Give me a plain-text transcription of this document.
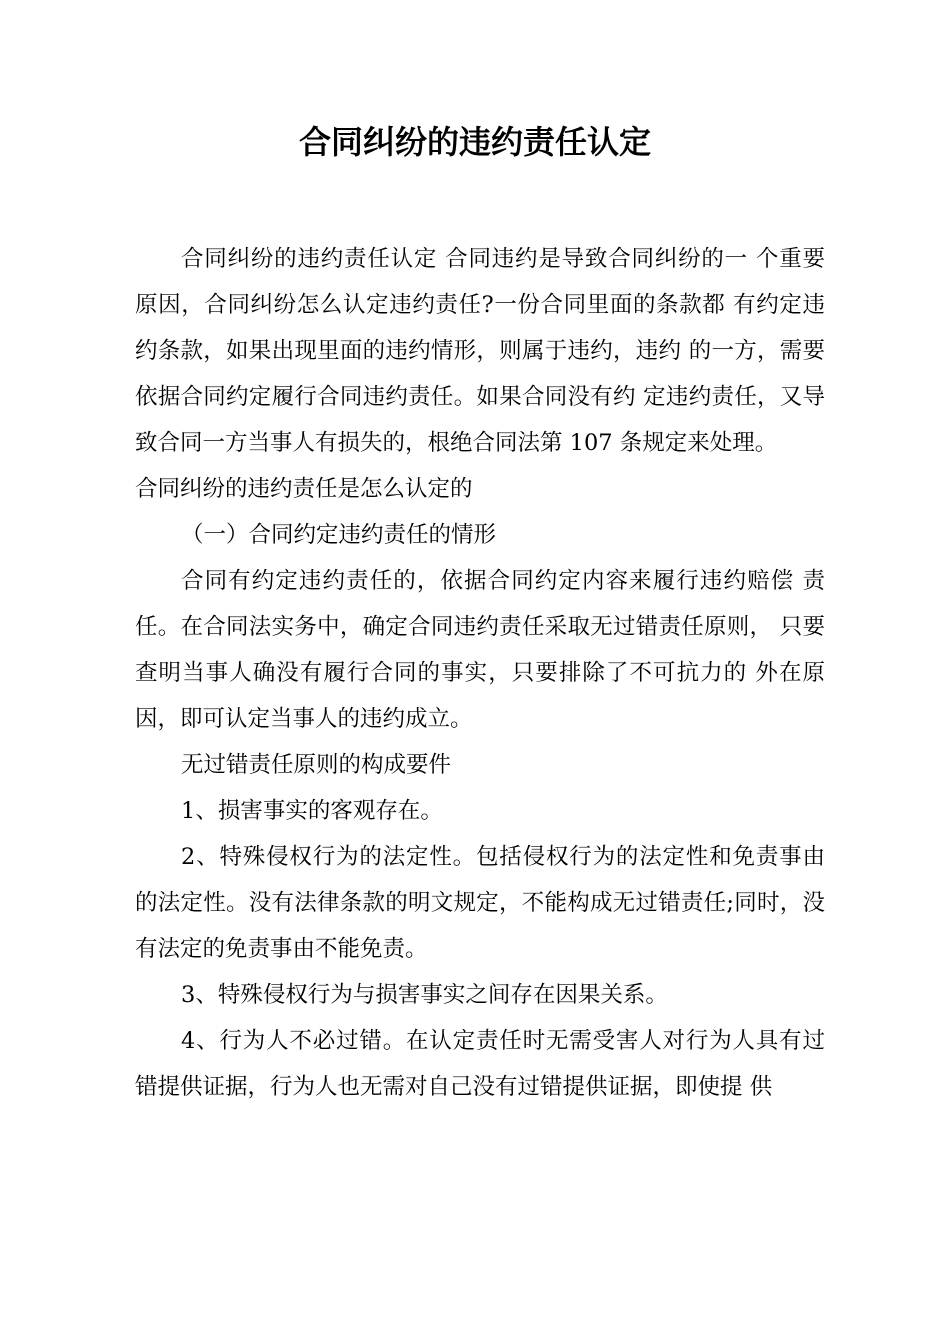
合同纠纷的违约责任认定

合同纠纷的违约责任认定 合同违约是导致合同纠纷的一 个重要原因，合同纠纷怎么认定违约责任?一份合同里面的条款都 有约定违约条款，如果出现里面的违约情形，则属于违约，违约 的一方，需要依据合同约定履行合同违约责任。如果合同没有约 定违约责任，又导致合同一方当事人有损失的，根绝合同法第 107 条规定来处理。

合同纠纷的违约责任是怎么认定的

（一）合同约定违约责任的情形

合同有约定违约责任的，依据合同约定内容来履行违约赔偿 责任。在合同法实务中，确定合同违约责任采取无过错责任原则， 只要查明当事人确没有履行合同的事实，只要排除了不可抗力的 外在原因，即可认定当事人的违约成立。

无过错责任原则的构成要件

1、损害事实的客观存在。

2、特殊侵权行为的法定性。包括侵权行为的法定性和免责事由的法定性。没有法律条款的明文规定，不能构成无过错责任;同时，没有法定的免责事由不能免责。

3、特殊侵权行为与损害事实之间存在因果关系。

4、行为人不必过错。在认定责任时无需受害人对行为人具有过错提供证据，行为人也无需对自己没有过错提供证据，即使提 供
